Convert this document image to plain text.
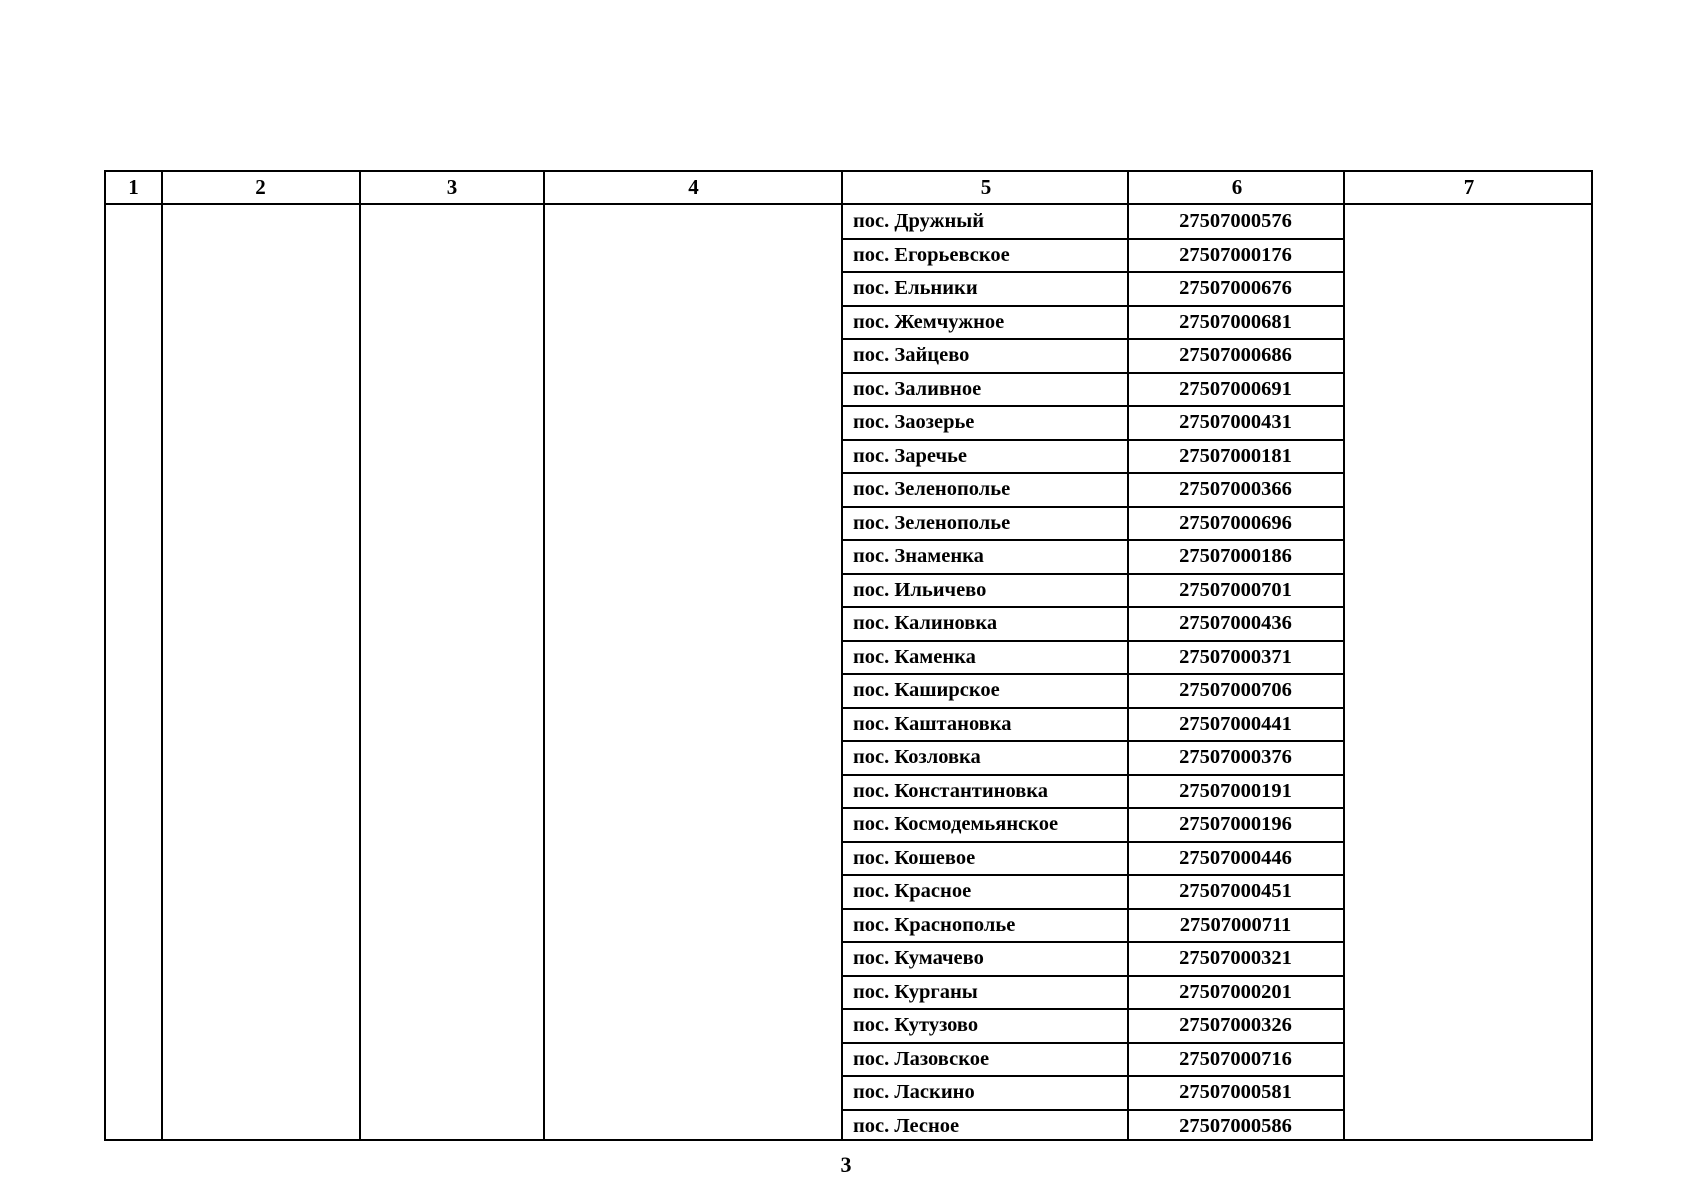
1	2	3	4	5	6	7
пос. Дружный	27507000576
пос. Егорьевское	27507000176
пос. Ельники	27507000676
пос. Жемчужное	27507000681
пос. Зайцево	27507000686
пос. Заливное	27507000691
пос. Заозерье	27507000431
пос. Заречье	27507000181
пос. Зеленополье	27507000366
пос. Зеленополье	27507000696
пос. Знаменка	27507000186
пос. Ильичево	27507000701
пос. Калиновка	27507000436
пос. Каменка	27507000371
пос. Каширское	27507000706
пос. Каштановка	27507000441
пос. Козловка	27507000376
пос. Константиновка	27507000191
пос. Космодемьянское	27507000196
пос. Кошевое	27507000446
пос. Красное	27507000451
пос. Краснополье	27507000711
пос. Кумачево	27507000321
пос. Курганы	27507000201
пос. Кутузово	27507000326
пос. Лазовское	27507000716
пос. Ласкино	27507000581
пос. Лесное	27507000586
3
